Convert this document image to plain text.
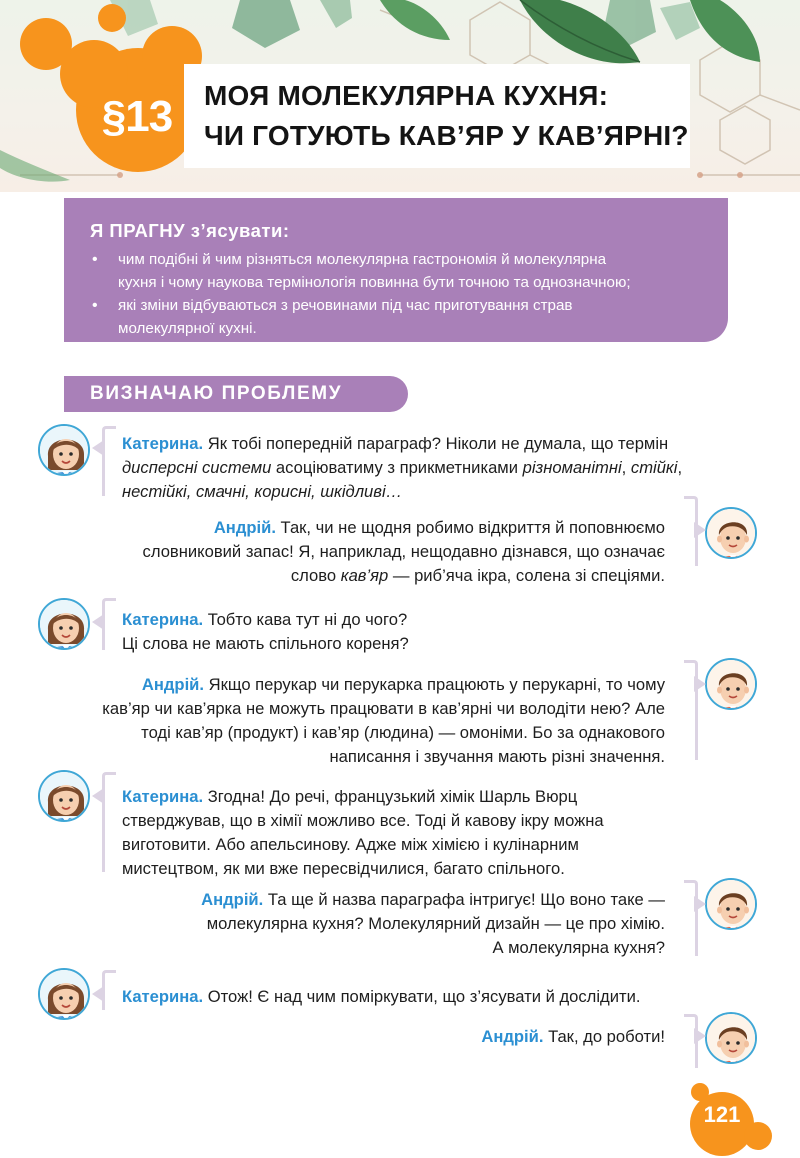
§13	МОЯ МОЛЕКУЛЯРНА КУХНЯ:
ЧИ ГОТУЮТЬ КАВ’ЯР У КАВ’ЯРНІ?
Я ПРАГНУ з’ясувати:
• чим подібні й чим різняться молекулярна гастрономія й молекулярна
кухня і чому наукова термінологія повинна бути точною та однозначною;
• які зміни відбуваються з речовинами під час приготування страв
молекулярної кухні.
ВИЗНАЧАЮ ПРОБЛЕМУ
Катерина. Як тобі попередній параграф? Ніколи не думала, що термін
дисперсні системи асоціюватиму з прикметниками різноманітні, стійкі,
нестійкі, смачні, корисні, шкідливі…
Андрій. Так, чи не щодня робимо відкриття й поповнюємо
словниковий запас! Я, наприклад, нещодавно дізнався, що означає
слово кав’яр — риб’яча ікра, солена зі спеціями.
Катерина. Тобто кава тут ні до чого?
Ці слова не мають спільного кореня?
Андрій. Якщо перукар чи перукарка працюють у перукарні, то чому
кав’яр чи кав’ярка не можуть працювати в кав’ярні чи володіти нею? Але
тоді кав’яр (продукт) і кав’яр (людина) — омоніми. Бо за однакового
написання і звучання мають різні значення.
Катерина. Згодна! До речі, французький хімік Шарль Вюрц
стверджував, що в хімії можливо все. Тоді й кавову ікру можна
виготовити. Або апельсинову. Адже між хімією і кулінарним
мистецтвом, як ми вже пересвідчилися, багато спільного.
Андрій. Та ще й назва параграфа інтригує! Що воно таке —
молекулярна кухня? Молекулярний дизайн — це про хімію.
А молекулярна кухня?
Катерина. Отож! Є над чим поміркувати, що з’ясувати й дослідити.
Андрій. Так, до роботи!
121
